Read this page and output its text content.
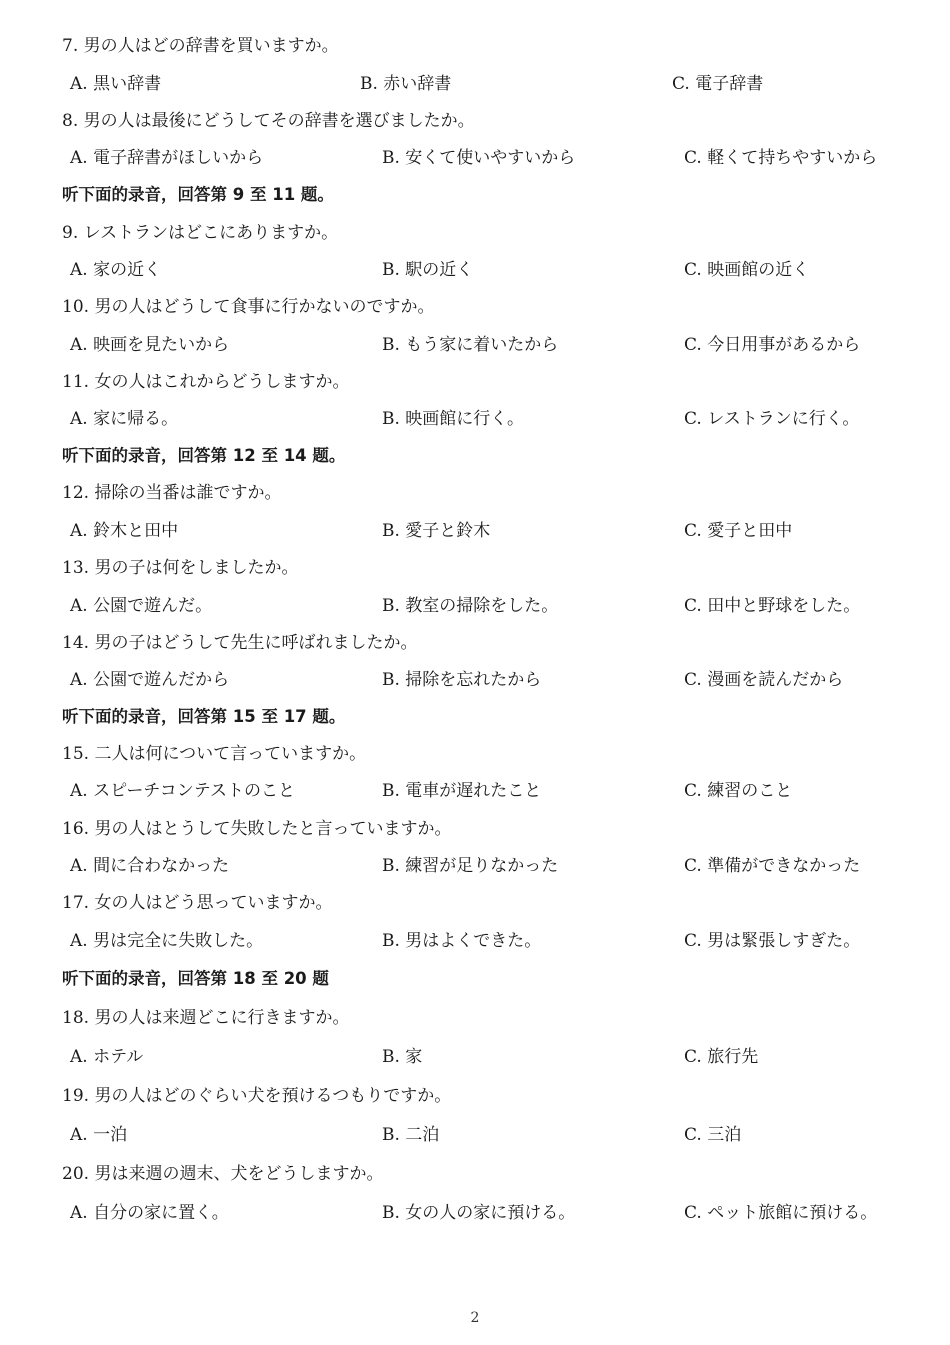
7. 男の人はどの辞書を買いますか。
A. 黒い辞書	B. 赤い辞書	C. 電子辞書
8. 男の人は最後にどうしてその辞書を選びましたか。
A. 電子辞書がほしいから	B. 安くて使いやすいから	C. 軽くて持ちやすいから
听下面的录音，回答第 9 至 11 题。
9. レストランはどこにありますか。
A. 家の近く	B. 駅の近く	C. 映画館の近く
10. 男の人はどうして食事に行かないのですか。
A. 映画を見たいから	B. もう家に着いたから	C. 今日用事があるから
11. 女の人はこれからどうしますか。
A. 家に帰る。	B. 映画館に行く。	C. レストランに行く。
听下面的录音，回答第 12 至 14 题。
12. 掃除の当番は誰ですか。
A. 鈴木と田中	B. 愛子と鈴木	C. 愛子と田中
13. 男の子は何をしましたか。
A. 公園で遊んだ。	B. 教室の掃除をした。	C. 田中と野球をした。
14. 男の子はどうして先生に呼ばれましたか。
A. 公園で遊んだから	B. 掃除を忘れたから	C. 漫画を読んだから
听下面的录音，回答第 15 至 17 题。
15. 二人は何について言っていますか。
A. スピーチコンテストのこと	B. 電車が遅れたこと	C. 練習のこと
16. 男の人はとうして失敗したと言っていますか。
A. 間に合わなかった	B. 練習が足りなかった	C. 準備ができなかった
17. 女の人はどう思っていますか。
A. 男は完全に失敗した。	B. 男はよくできた。	C. 男は緊張しすぎた。
听下面的录音，回答第 18 至 20 题
18. 男の人は来週どこに行きますか。
A. ホテル	B. 家	C. 旅行先
19. 男の人はどのぐらい犬を預けるつもりですか。
A. 一泊	B. 二泊	C. 三泊
20. 男は来週の週末、犬をどうしますか。
A. 自分の家に置く。	B. 女の人の家に預ける。	C. ペット旅館に預ける。
2
